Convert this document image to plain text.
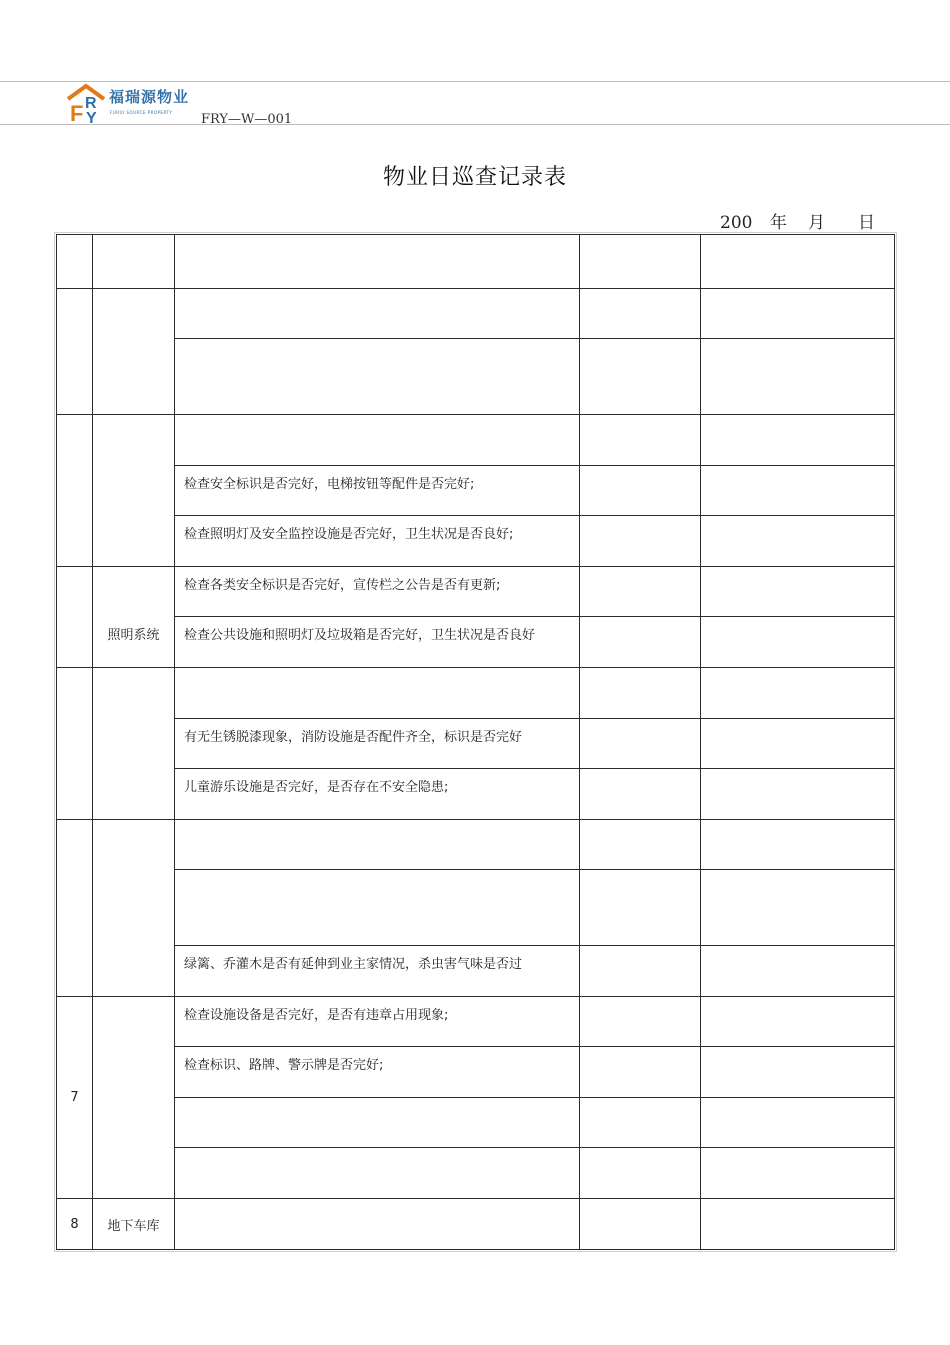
F R
Y
福瑞源物业
FURUI SOURCE PROPERTY FRY—W—001
物业日巡查记录表
200 年 月 日

		检查安全标识是否完好，电梯按钮等配件是否完好;		
		检查照明灯及安全监控设施是否完好，卫生状况是否良好;		
	照明系统	检查各类安全标识是否完好，宣传栏之公告是否有更新;		
		检查公共设施和照明灯及垃圾箱是否完好，卫生状况是否良好		

		有无生锈脱漆现象，消防设施是否配件齐全，标识是否完好		
		儿童游乐设施是否完好，是否存在不安全隐患;		

		绿篱、乔灌木是否有延伸到业主家情况，杀虫害气味是否过		
7		检查设施设备是否完好，是否有违章占用现象;		
		检查标识、路牌、警示牌是否完好;		

8	地下车库			
